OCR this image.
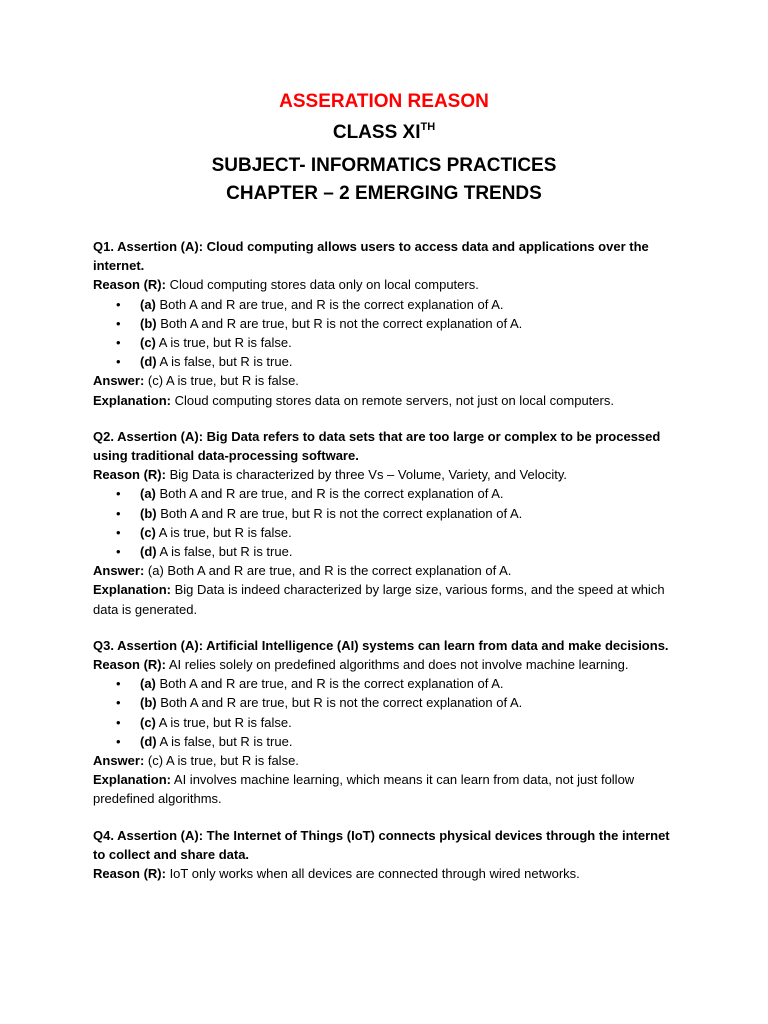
ASSERATION REASON
CLASS XITH
SUBJECT- INFORMATICS PRACTICES
CHAPTER – 2 EMERGING TRENDS

Q1. Assertion (A): Cloud computing allows users to access data and applications over the internet.

Reason (R): Cloud computing stores data only on local computers.

• (a) Both A and R are true, and R is the correct explanation of A.
• (b) Both A and R are true, but R is not the correct explanation of A.
• (c) A is true, but R is false.
• (d) A is false, but R is true.

Answer: (c) A is true, but R is false.

Explanation: Cloud computing stores data on remote servers, not just on local computers.

Q2. Assertion (A): Big Data refers to data sets that are too large or complex to be processed using traditional data-processing software.

Reason (R): Big Data is characterized by three Vs – Volume, Variety, and Velocity.

• (a) Both A and R are true, and R is the correct explanation of A.
• (b) Both A and R are true, but R is not the correct explanation of A.
• (c) A is true, but R is false.
• (d) A is false, but R is true.

Answer: (a) Both A and R are true, and R is the correct explanation of A.

Explanation: Big Data is indeed characterized by large size, various forms, and the speed at which data is generated.

Q3. Assertion (A): Artificial Intelligence (AI) systems can learn from data and make decisions.

Reason (R): AI relies solely on predefined algorithms and does not involve machine learning.

• (a) Both A and R are true, and R is the correct explanation of A.
• (b) Both A and R are true, but R is not the correct explanation of A.
• (c) A is true, but R is false.
• (d) A is false, but R is true.

Answer: (c) A is true, but R is false.

Explanation: AI involves machine learning, which means it can learn from data, not just follow predefined algorithms.

Q4. Assertion (A): The Internet of Things (IoT) connects physical devices through the internet to collect and share data.

Reason (R): IoT only works when all devices are connected through wired networks.
